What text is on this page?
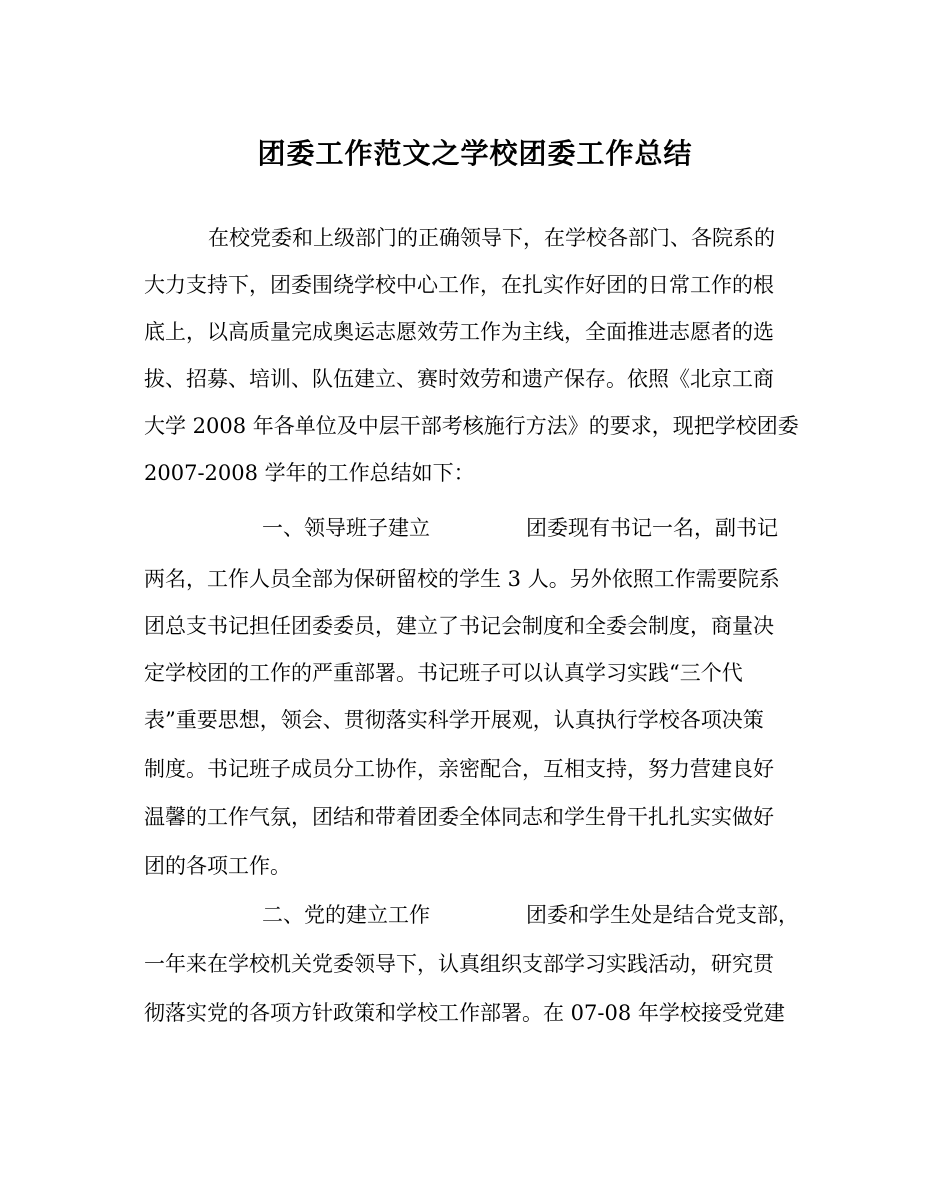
团委工作范文之学校团委工作总结
在校党委和上级部门的正确领导下，在学校各部门、各院系的
大力支持下，团委围绕学校中心工作，在扎实作好团的日常工作的根
底上，以高质量完成奥运志愿效劳工作为主线，全面推进志愿者的选
拔、招募、培训、队伍建立、赛时效劳和遗产保存。依照《北京工商
大学 2008 年各单位及中层干部考核施行方法》的要求，现把学校团委
2007-2008 学年的工作总结如下：
一、领导班子建立	团委现有书记一名，副书记
两名，工作人员全部为保研留校的学生 3 人。另外依照工作需要院系
团总支书记担任团委委员，建立了书记会制度和全委会制度，商量决
定学校团的工作的严重部署。书记班子可以认真学习实践“三个代
表”重要思想，领会、贯彻落实科学开展观，认真执行学校各项决策
制度。书记班子成员分工协作，亲密配合，互相支持，努力营建良好
温馨的工作气氛，团结和带着团委全体同志和学生骨干扎扎实实做好
团的各项工作。
二、党的建立工作	团委和学生处是结合党支部，
一年来在学校机关党委领导下，认真组织支部学习实践活动，研究贯
彻落实党的各项方针政策和学校工作部署。在 07-08 年学校接受党建
